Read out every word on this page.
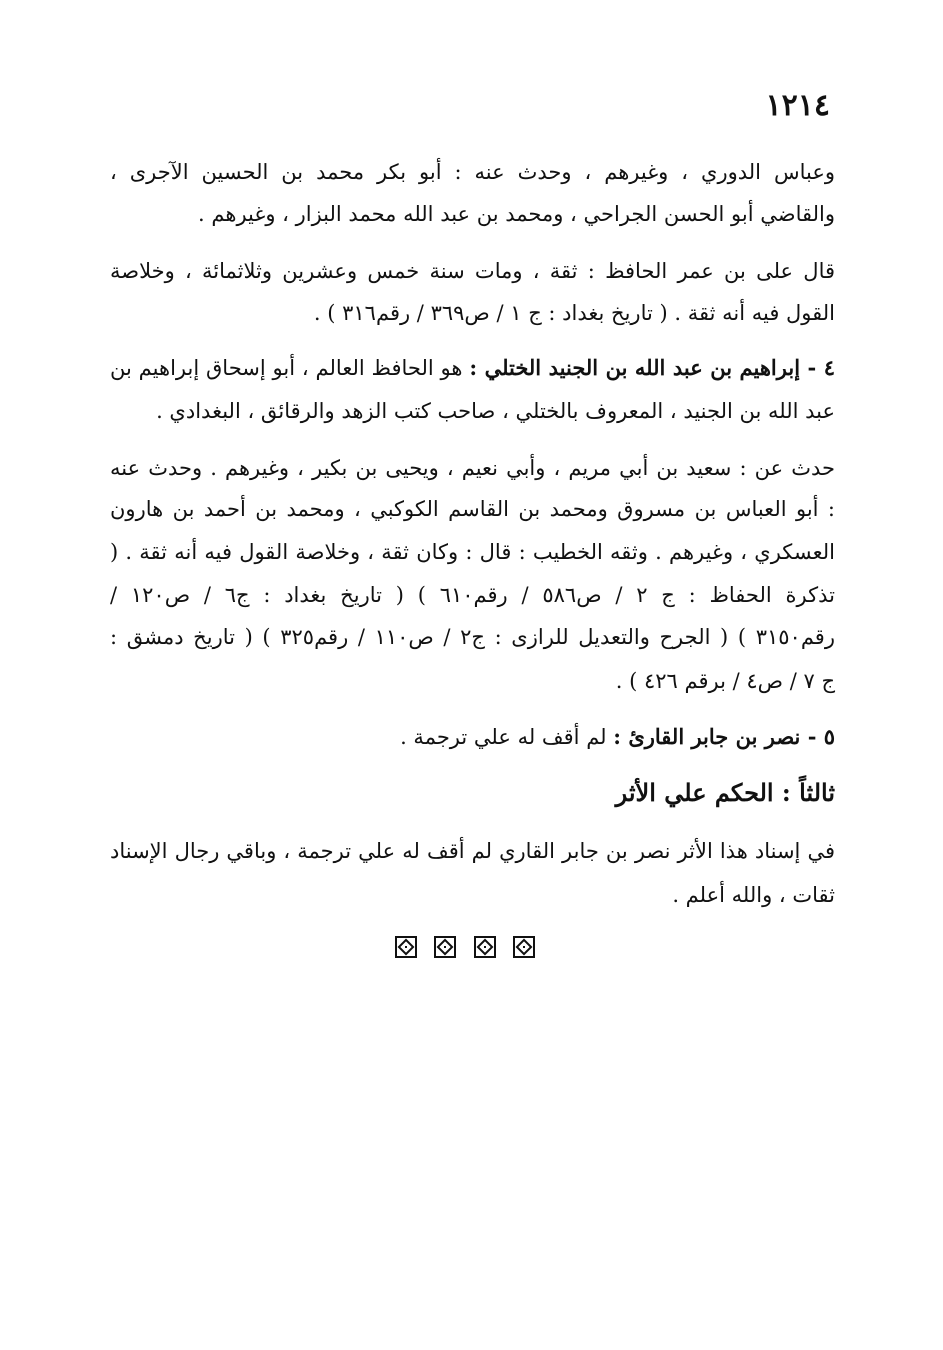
١٢١٤
وعباس الدوري ، وغيرهم ، وحدث عنه : أبو بكر محمد بن الحسين الآجرى ،
والقاضي أبو الحسن الجراحي ، ومحمد بن عبد الله محمد البزار ، وغيرهم .
قال على بن عمر الحافظ : ثقة ، ومات سنة خمس وعشرين وثلاثمائة ، وخلاصة
القول فيه أنه ثقة . ( تاريخ بغداد : ج ١ / ص٣٦٩ / رقم٣١٦ ) .
٤ - إبراهيم بن عبد الله بن الجنيد الختلي : هو الحافظ العالم ، أبو إسحاق إبراهيم بن
عبد الله بن الجنيد ، المعروف بالختلي ، صاحب كتب الزهد والرقائق ، البغدادي .
حدث عن : سعيد بن أبي مريم ، وأبي نعيم ، ويحيى بن بكير ، وغيرهم . وحدث عنه
: أبو العباس بن مسروق ومحمد بن القاسم الكوكبي ، ومحمد بن أحمد بن هارون
العسكري ، وغيرهم . وثقه الخطيب : قال : وكان ثقة ، وخلاصة القول فيه أنه ثقة . (
تذكرة الحفاظ : ج ٢ / ص٥٨٦ / رقم٦١٠ ) ( تاريخ بغداد : ج٦ / ص١٢٠ /
رقم٣١٥٠ ) ( الجرح والتعديل للرازى : ج٢ / ص١١٠ / رقم٣٢٥ ) ( تاريخ دمشق :
ج ٧ / ص٤ / برقم ٤٢٦ ) .
٥ - نصر بن جابر القارئ : لم أقف له علي ترجمة .
ثالثاً : الحكم علي الأثر
في إسناد هذا الأثر نصر بن جابر القاري لم أقف له علي ترجمة ، وباقي رجال الإسناد
ثقات ، والله أعلم .
